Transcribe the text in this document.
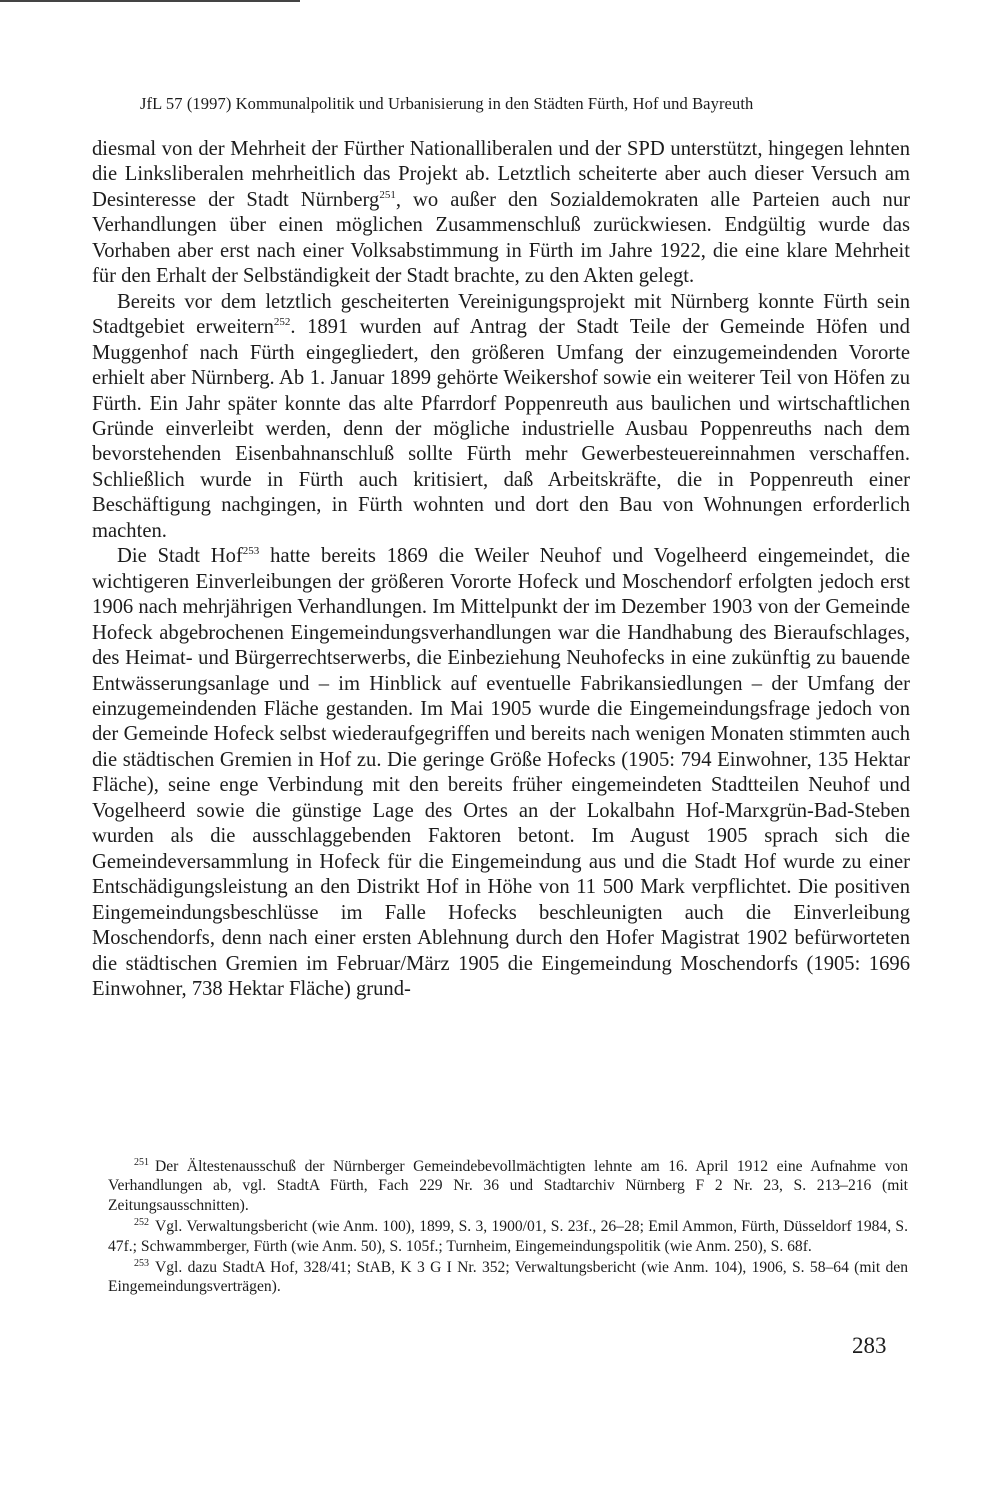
JfL 57 (1997) Kommunalpolitik und Urbanisierung in den Städten Fürth, Hof und Bayreuth

diesmal von der Mehrheit der Fürther Nationalliberalen und der SPD unterstützt, hingegen lehnten die Linksliberalen mehrheitlich das Projekt ab. Letztlich scheiterte aber auch dieser Versuch am Desinteresse der Stadt Nürnberg$^{251}$, wo außer den Sozialdemokraten alle Parteien auch nur Verhandlungen über einen möglichen Zusammenschluß zurückwiesen. Endgültig wurde das Vorhaben aber erst nach einer Volksabstimmung in Fürth im Jahre 1922, die eine klare Mehrheit für den Erhalt der Selbständigkeit der Stadt brachte, zu den Akten gelegt.

Bereits vor dem letztlich gescheiterten Vereinigungsprojekt mit Nürnberg konnte Fürth sein Stadtgebiet erweitern$^{252}$. 1891 wurden auf Antrag der Stadt Teile der Gemeinde Höfen und Muggenhof nach Fürth eingegliedert, den größeren Umfang der einzugemeindenden Vororte erhielt aber Nürnberg. Ab 1. Januar 1899 gehörte Weikershof sowie ein weiterer Teil von Höfen zu Fürth. Ein Jahr später konnte das alte Pfarrdorf Poppenreuth aus baulichen und wirtschaftlichen Gründe einverleibt werden, denn der mögliche industrielle Ausbau Poppenreuths nach dem bevorstehenden Eisenbahnanschluß sollte Fürth mehr Gewerbesteuereinnahmen verschaffen. Schließlich wurde in Fürth auch kritisiert, daß Arbeitskräfte, die in Poppenreuth einer Beschäftigung nachgingen, in Fürth wohnten und dort den Bau von Wohnungen erforderlich machten.

Die Stadt Hof$^{253}$ hatte bereits 1869 die Weiler Neuhof und Vogelheerd eingemeindet, die wichtigeren Einverleibungen der größeren Vororte Hofeck und Moschendorf erfolgten jedoch erst 1906 nach mehrjährigen Verhandlungen. Im Mittelpunkt der im Dezember 1903 von der Gemeinde Hofeck abgebrochenen Eingemeindungsverhandlungen war die Handhabung des Bieraufschlages, des Heimat- und Bürgerrechtserwerbs, die Einbeziehung Neuhofecks in eine zukünftig zu bauende Entwässerungsanlage und – im Hinblick auf eventuelle Fabrikansiedlungen – der Umfang der einzugemeindenden Fläche gestanden. Im Mai 1905 wurde die Eingemeindungsfrage jedoch von der Gemeinde Hofeck selbst wiederaufgegriffen und bereits nach wenigen Monaten stimmten auch die städtischen Gremien in Hof zu. Die geringe Größe Hofecks (1905: 794 Einwohner, 135 Hektar Fläche), seine enge Verbindung mit den bereits früher eingemeindeten Stadtteilen Neuhof und Vogelheerd sowie die günstige Lage des Ortes an der Lokalbahn Hof-Marxgrün-Bad-Steben wurden als die ausschlaggebenden Faktoren betont. Im August 1905 sprach sich die Gemeindeversammlung in Hofeck für die Eingemeindung aus und die Stadt Hof wurde zu einer Entschädigungsleistung an den Distrikt Hof in Höhe von 11 500 Mark verpflichtet. Die positiven Eingemeindungsbeschlüsse im Falle Hofecks beschleunigten auch die Einverleibung Moschendorfs, denn nach einer ersten Ablehnung durch den Hofer Magistrat 1902 befürworteten die städtischen Gremien im Februar/März 1905 die Eingemeindung Moschendorfs (1905: 1696 Einwohner, 738 Hektar Fläche) grund-

$^{251}$ Der Ältestenausschuß der Nürnberger Gemeindebevollmächtigten lehnte am 16. April 1912 eine Aufnahme von Verhandlungen ab, vgl. StadtA Fürth, Fach 229 Nr. 36 und Stadtarchiv Nürnberg F 2 Nr. 23, S. 213–216 (mit Zeitungsausschnitten).

$^{252}$ Vgl. Verwaltungsbericht (wie Anm. 100), 1899, S. 3, 1900/01, S. 23f., 26–28; Emil Ammon, Fürth, Düsseldorf 1984, S. 47f.; Schwammberger, Fürth (wie Anm. 50), S. 105f.; Turnheim, Eingemeindungspolitik (wie Anm. 250), S. 68f.

$^{253}$ Vgl. dazu StadtA Hof, 328/41; StAB, K 3 G I Nr. 352; Verwaltungsbericht (wie Anm. 104), 1906, S. 58–64 (mit den Eingemeindungsverträgen).

283
